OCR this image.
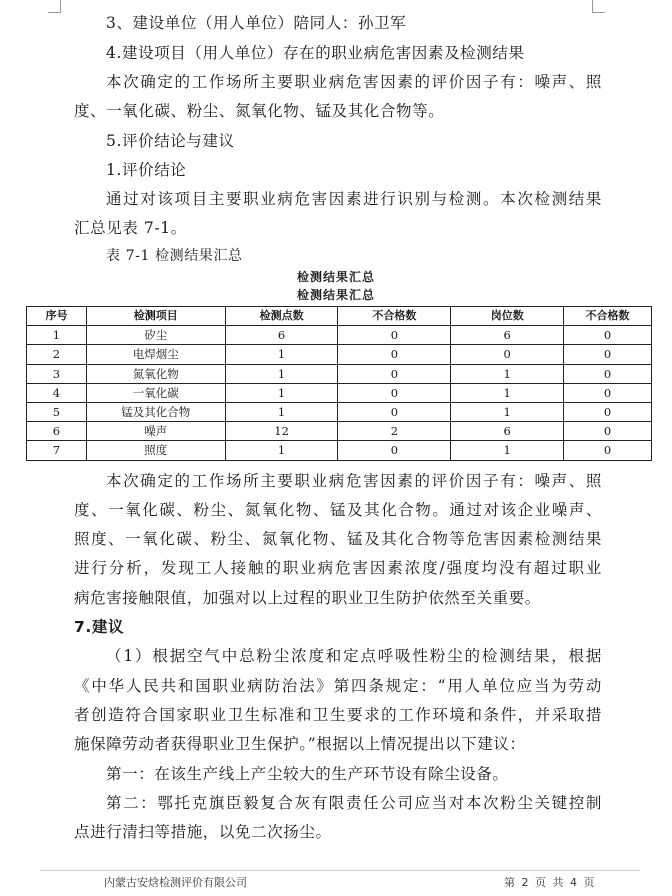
3、建设单位（用人单位）陪同人：孙卫军
4.建设项目（用人单位）存在的职业病危害因素及检测结果
本次确定的工作场所主要职业病危害因素的评价因子有：噪声、照
度、一氧化碳、粉尘、氮氧化物、锰及其化合物等。
5.评价结论与建议
1.评价结论
通过对该项目主要职业病危害因素进行识别与检测。本次检测结果
汇总见表 7-1。
表 7-1 检测结果汇总
检测结果汇总
检测结果汇总
序号	检测项目	检测点数	不合格数	岗位数	不合格数
1	矽尘	6	0	6	0
2	电焊烟尘	1	0	0	0
3	氮氧化物	1	0	1	0
4	一氧化碳	1	0	1	0
5	锰及其化合物	1	0	1	0
6	噪声	12	2	6	0
7	照度	1	0	1	0
本次确定的工作场所主要职业病危害因素的评价因子有：噪声、照
度、一氧化碳、粉尘、氮氧化物、锰及其化合物。通过对该企业噪声、
照度、一氧化碳、粉尘、氮氧化物、锰及其化合物等危害因素检测结果
进行分析，发现工人接触的职业病危害因素浓度/强度均没有超过职业
病危害接触限值，加强对以上过程的职业卫生防护依然至关重要。
7.建议
（1）根据空气中总粉尘浓度和定点呼吸性粉尘的检测结果，根据
《中华人民共和国职业病防治法》第四条规定：“用人单位应当为劳动
者创造符合国家职业卫生标准和卫生要求的工作环境和条件，并采取措
施保障劳动者获得职业卫生保护。”根据以上情况提出以下建议：
第一：在该生产线上产尘较大的生产环节设有除尘设备。
第二：鄂托克旗臣毅复合灰有限责任公司应当对本次粉尘关键控制
点进行清扫等措施，以免二次扬尘。
内蒙古安焓检测评价有限公司	第 2 页 共 4 页
